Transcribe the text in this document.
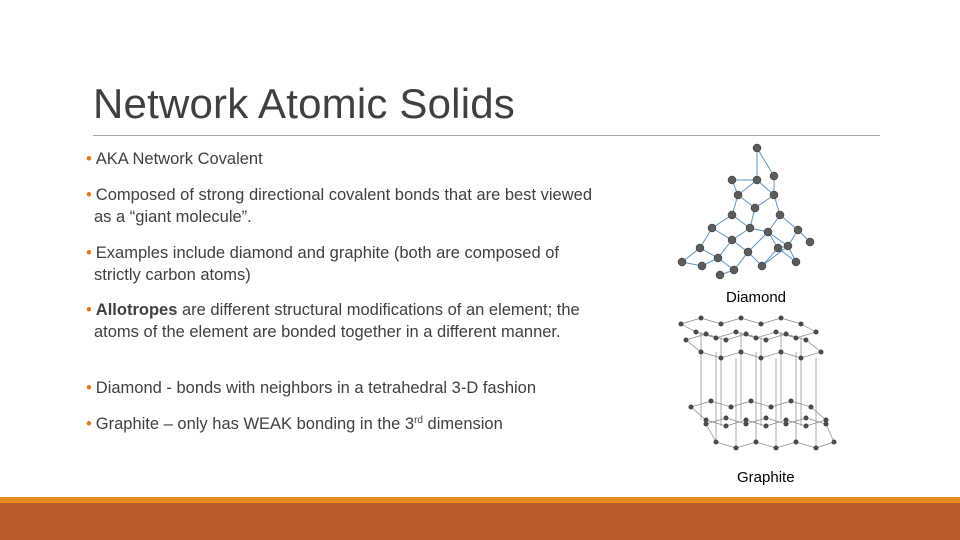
Network Atomic Solids
• AKA Network Covalent
• Composed of strong directional covalent bonds that are best viewed as a “giant molecule”.
• Examples include diamond and graphite (both are composed of strictly carbon atoms)
• Allotropes are different structural modifications of an element; the atoms of the element are bonded together in a different manner.
• Diamond - bonds with neighbors in a tetrahedral 3-D fashion
• Graphite – only has WEAK bonding in the 3rd dimension
Diamond
Graphite
